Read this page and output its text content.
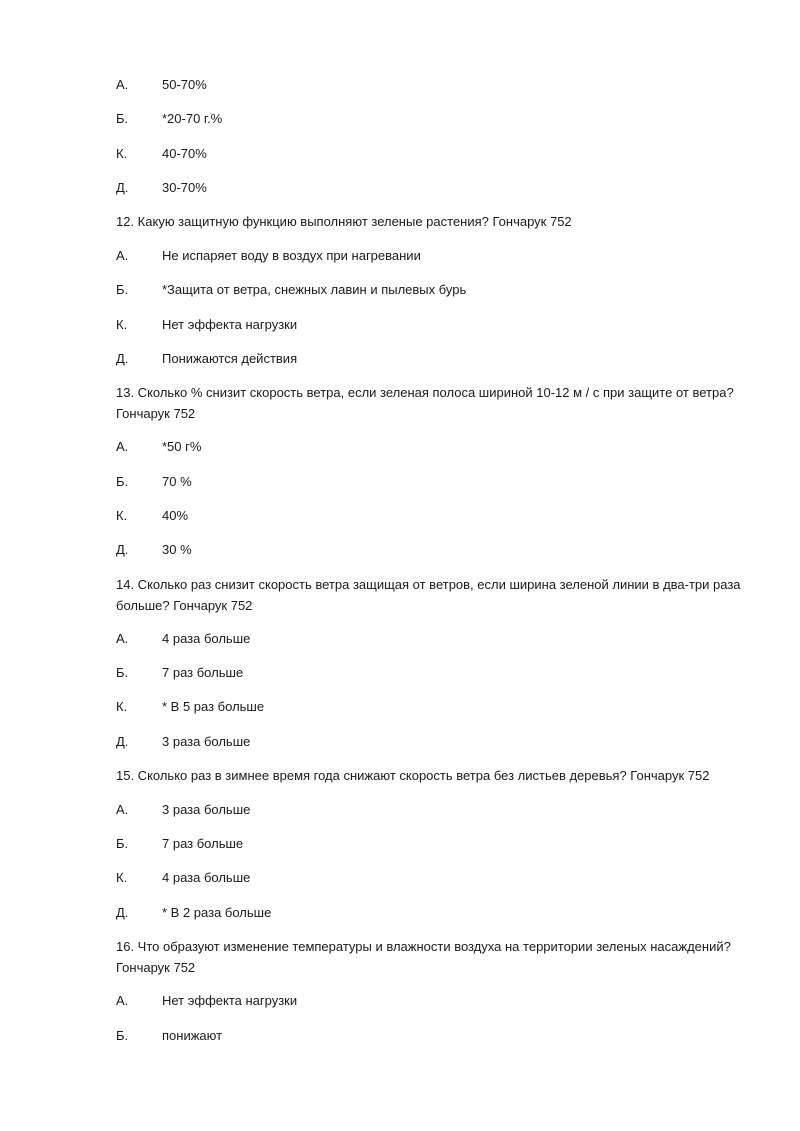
А.	50-70%
Б.	*20-70 г.%
К.	40-70%
Д.	30-70%
12. Какую защитную функцию выполняют зеленые растения? Гончарук 752
А.	Не испаряет воду в воздух при нагревании
Б.	*Защита от ветра, снежных лавин и пылевых бурь
К.	Нет эффекта нагрузки
Д.	Понижаются действия
13. Сколько % снизит скорость ветра, если зеленая полоса шириной 10-12 м / с при защите от ветра? Гончарук 752
А.	*50 г%
Б.	70 %
К.	40%
Д.	30 %
14. Сколько раз снизит скорость ветра защищая от ветров, если ширина зеленой линии в два-три раза больше? Гончарук 752
А.	4 раза больше
Б.	7 раз больше
К.	* В 5 раз больше
Д.	3 раза больше
15. Сколько раз в зимнее время года снижают скорость ветра без листьев деревья? Гончарук 752
А.	3 раза больше
Б.	7 раз больше
К.	4 раза больше
Д.	* В 2 раза больше
16. Что образуют изменение температуры и влажности воздуха на территории зеленых насаждений? Гончарук 752
А.	Нет эффекта нагрузки
Б.	понижают
